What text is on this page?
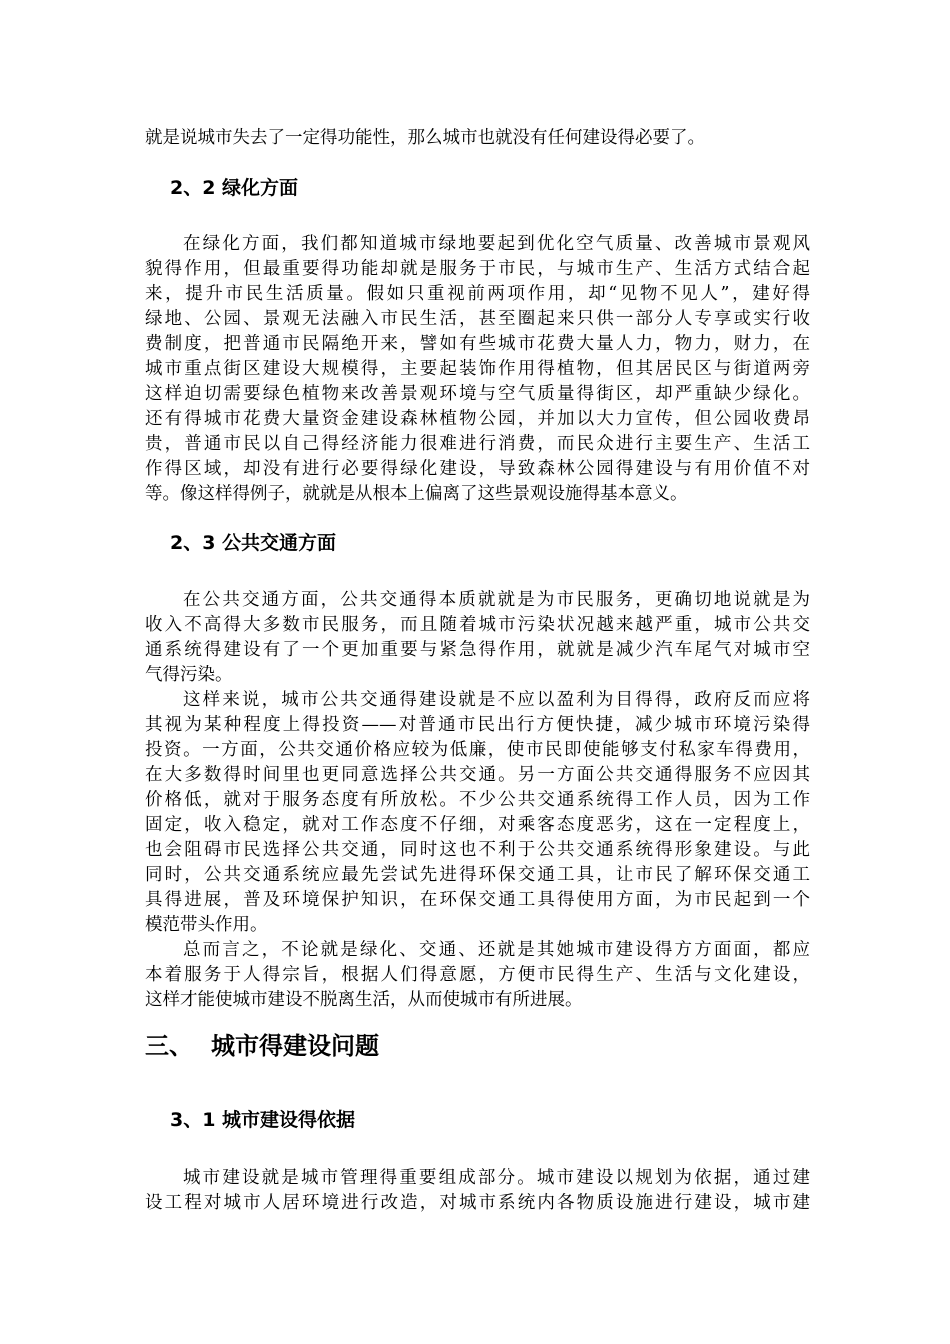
就是说城市失去了一定得功能性，那么城市也就没有任何建设得必要了。
2、2 绿化方面
在绿化方面，我们都知道城市绿地要起到优化空气质量、改善城市景观风
貌得作用，但最重要得功能却就是服务于市民，与城市生产、生活方式结合起
来，提升市民生活质量。假如只重视前两项作用，却“见物不见人”，建好得
绿地、公园、景观无法融入市民生活，甚至圈起来只供一部分人专享或实行收
费制度，把普通市民隔绝开来，譬如有些城市花费大量人力，物力，财力，在
城市重点街区建设大规模得，主要起装饰作用得植物，但其居民区与街道两旁
这样迫切需要绿色植物来改善景观环境与空气质量得街区，却严重缺少绿化。
还有得城市花费大量资金建设森林植物公园，并加以大力宣传，但公园收费昂
贵，普通市民以自己得经济能力很难进行消费，而民众进行主要生产、生活工
作得区域，却没有进行必要得绿化建设，导致森林公园得建设与有用价值不对
等。像这样得例子，就就是从根本上偏离了这些景观设施得基本意义。
2、3 公共交通方面
在公共交通方面，公共交通得本质就就是为市民服务，更确切地说就是为
收入不高得大多数市民服务，而且随着城市污染状况越来越严重，城市公共交
通系统得建设有了一个更加重要与紧急得作用，就就是减少汽车尾气对城市空
气得污染。
这样来说，城市公共交通得建设就是不应以盈利为目得得，政府反而应将
其视为某种程度上得投资——对普通市民出行方便快捷，减少城市环境污染得
投资。一方面，公共交通价格应较为低廉，使市民即使能够支付私家车得费用，
在大多数得时间里也更同意选择公共交通。另一方面公共交通得服务不应因其
价格低，就对于服务态度有所放松。不少公共交通系统得工作人员，因为工作
固定，收入稳定，就对工作态度不仔细，对乘客态度恶劣，这在一定程度上，
也会阻碍市民选择公共交通，同时这也不利于公共交通系统得形象建设。与此
同时，公共交通系统应最先尝试先进得环保交通工具，让市民了解环保交通工
具得进展，普及环境保护知识，在环保交通工具得使用方面，为市民起到一个
模范带头作用。
总而言之，不论就是绿化、交通、还就是其她城市建设得方方面面，都应
本着服务于人得宗旨，根据人们得意愿，方便市民得生产、生活与文化建设，
这样才能使城市建设不脱离生活，从而使城市有所进展。
三、 城市得建设问题
3、1 城市建设得依据
城市建设就是城市管理得重要组成部分。城市建设以规划为依据，通过建
设工程对城市人居环境进行改造，对城市系统内各物质设施进行建设，城市建
